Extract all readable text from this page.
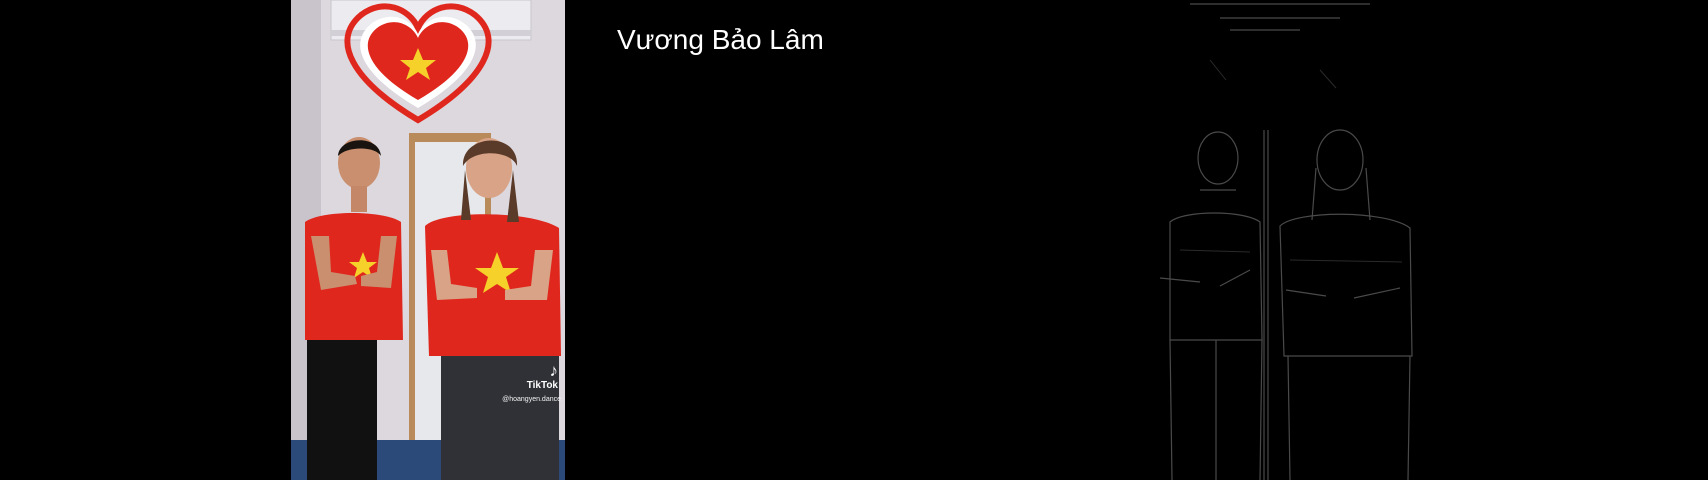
♪
TikTok
@hoangyen.dance
Vương Bảo Lâm
